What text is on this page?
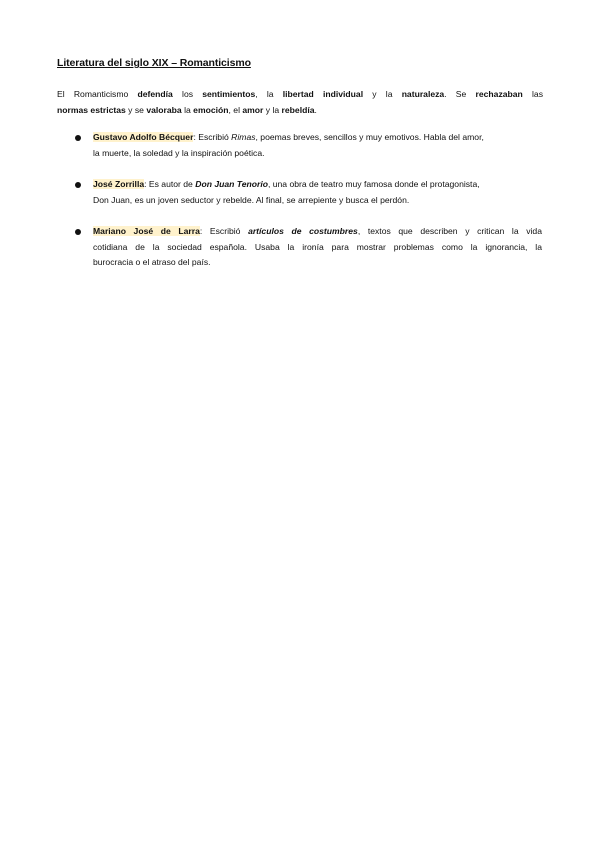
Literatura del siglo XIX – Romanticismo
El Romanticismo defendía los sentimientos, la libertad individual y la naturaleza. Se rechazaban las
normas estrictas y se valoraba la emoción, el amor y la rebeldía.
Gustavo Adolfo Bécquer: Escribió Rimas, poemas breves, sencillos y muy emotivos. Habla del amor,
la muerte, la soledad y la inspiración poética.
José Zorrilla: Es autor de Don Juan Tenorio, una obra de teatro muy famosa donde el protagonista,
Don Juan, es un joven seductor y rebelde. Al final, se arrepiente y busca el perdón.
Mariano José de Larra: Escribió artículos de costumbres, textos que describen y critican la vida
cotidiana de la sociedad española. Usaba la ironía para mostrar problemas como la ignorancia, la
burocracia o el atraso del país.
